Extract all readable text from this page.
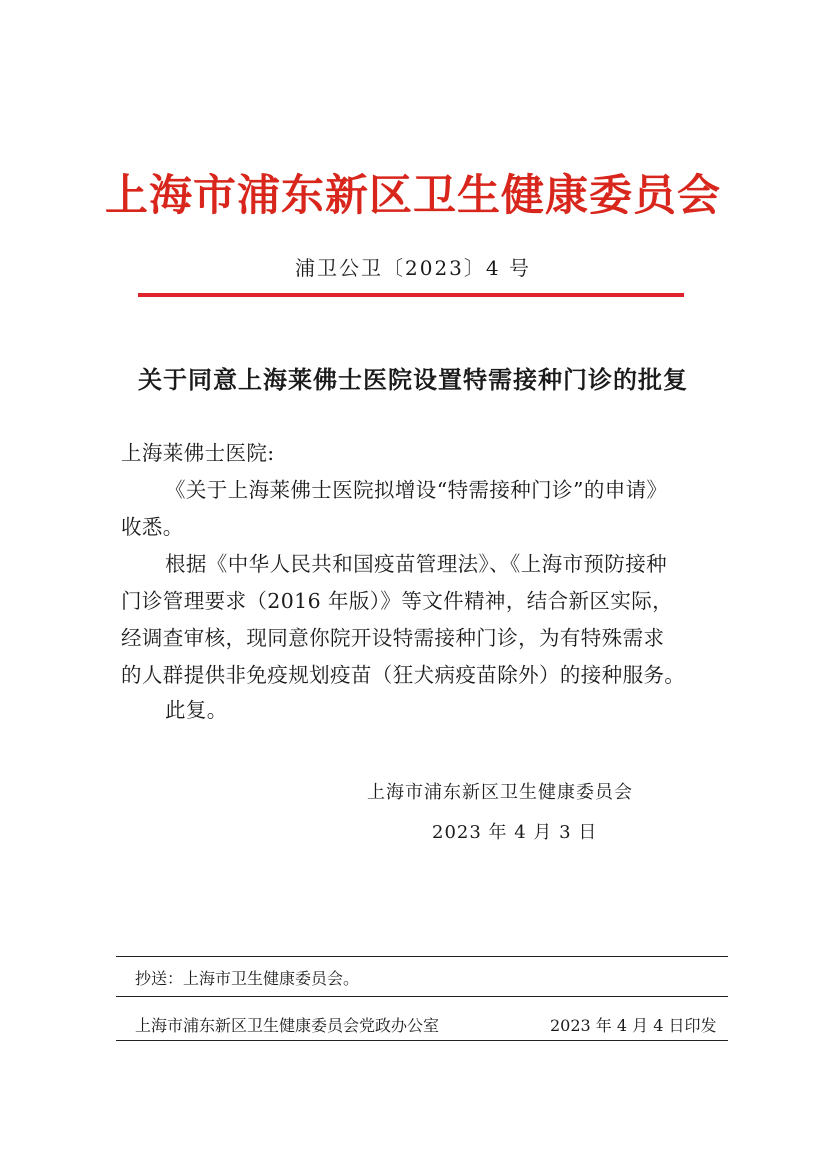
上海市浦东新区卫生健康委员会
浦卫公卫〔2023〕4 号
关于同意上海莱佛士医院设置特需接种门诊的批复
上海莱佛士医院:
《关于上海莱佛士医院拟增设“特需接种门诊”的申请》
收悉。
根据《中华人民共和国疫苗管理法》、《上海市预防接种
门诊管理要求（2016 年版）》等文件精神，结合新区实际，
经调查审核，现同意你院开设特需接种门诊，为有特殊需求
的人群提供非免疫规划疫苗（狂犬病疫苗除外）的接种服务。
此复。
上海市浦东新区卫生健康委员会
2023 年 4 月 3 日
抄送：上海市卫生健康委员会。
上海市浦东新区卫生健康委员会党政办公室	2023 年 4 月 4 日印发
